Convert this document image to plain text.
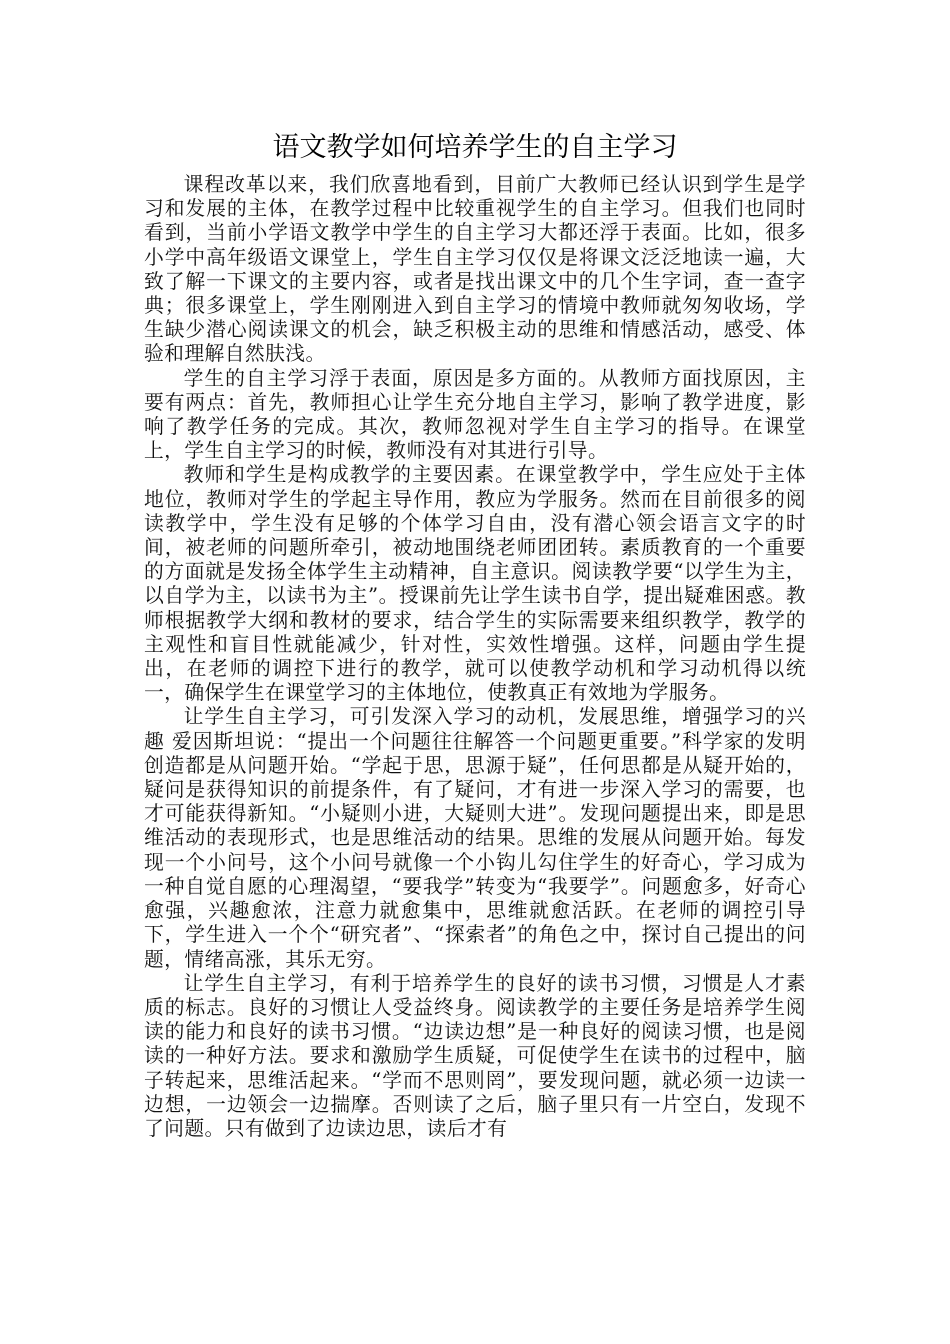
语文教学如何培养学生的自主学习

课程改革以来，我们欣喜地看到，目前广大教师已经认识到学生是学习和发展的主体，在教学过程中比较重视学生的自主学习。但我们也同时看到，当前小学语文教学中学生的自主学习大都还浮于表面。比如，很多小学中高年级语文课堂上，学生自主学习仅仅是将课文泛泛地读一遍，大致了解一下课文的主要内容，或者是找出课文中的几个生字词，查一查字典；很多课堂上，学生刚刚进入到自主学习的情境中教师就匆匆收场，学生缺少潜心阅读课文的机会，缺乏积极主动的思维和情感活动，感受、体验和理解自然肤浅。

学生的自主学习浮于表面，原因是多方面的。从教师方面找原因，主要有两点：首先，教师担心让学生充分地自主学习，影响了教学进度，影响了教学任务的完成。其次，教师忽视对学生自主学习的指导。在课堂上，学生自主学习的时候，教师没有对其进行引导。

教师和学生是构成教学的主要因素。在课堂教学中，学生应处于主体地位，教师对学生的学起主导作用，教应为学服务。然而在目前很多的阅读教学中，学生没有足够的个体学习自由，没有潜心领会语言文字的时间，被老师的问题所牵引，被动地围绕老师团团转。素质教育的一个重要的方面就是发扬全体学生主动精神，自主意识。阅读教学要“以学生为主，以自学为主，以读书为主”。授课前先让学生读书自学，提出疑难困惑。教师根据教学大纲和教材的要求，结合学生的实际需要来组织教学，教学的主观性和盲目性就能减少，针对性，实效性增强。这样，问题由学生提出，在老师的调控下进行的教学，就可以使教学动机和学习动机得以统一，确保学生在课堂学习的主体地位，使教真正有效地为学服务。

让学生自主学习，可引发深入学习的动机，发展思维，增强学习的兴趣 爱因斯坦说：“提出一个问题往往解答一个问题更重要。”科学家的发明创造都是从问题开始。“学起于思，思源于疑”，任何思都是从疑开始的，疑问是获得知识的前提条件，有了疑问，才有进一步深入学习的需要，也才可能获得新知。“小疑则小进，大疑则大进”。发现问题提出来，即是思维活动的表现形式，也是思维活动的结果。思维的发展从问题开始。每发现一个小问号，这个小问号就像一个小钩儿勾住学生的好奇心，学习成为一种自觉自愿的心理渴望，“要我学”转变为“我要学”。问题愈多，好奇心愈强，兴趣愈浓，注意力就愈集中，思维就愈活跃。在老师的调控引导下，学生进入一个个“研究者”、“探索者”的角色之中，探讨自己提出的问题，情绪高涨，其乐无穷。

让学生自主学习，有利于培养学生的良好的读书习惯，习惯是人才素质的标志。良好的习惯让人受益终身。阅读教学的主要任务是培养学生阅读的能力和良好的读书习惯。“边读边想”是一种良好的阅读习惯，也是阅读的一种好方法。要求和激励学生质疑，可促使学生在读书的过程中，脑子转起来，思维活起来。“学而不思则罔”，要发现问题，就必须一边读一边想，一边领会一边揣摩。否则读了之后，脑子里只有一片空白，发现不了问题。只有做到了边读边思，读后才有
